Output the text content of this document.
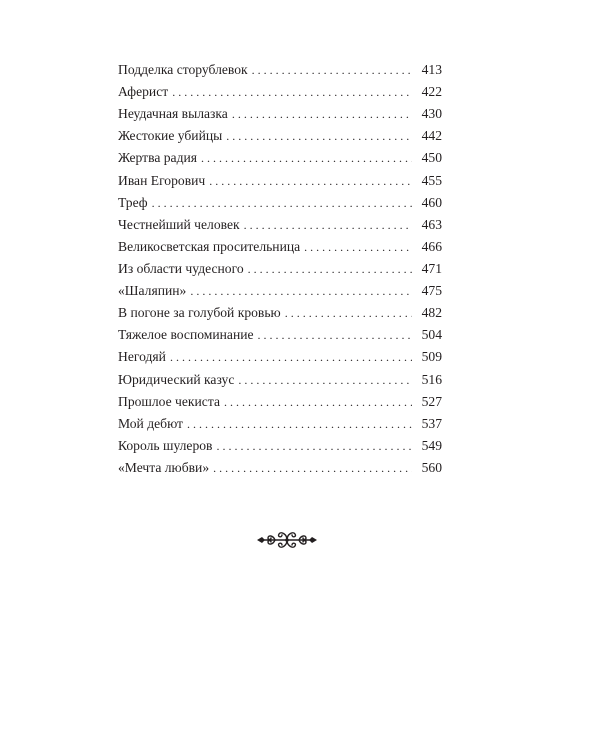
Подделка сторублевок . . .	413
Аферист . . .	422
Неудачная вылазка . . .	430
Жестокие убийцы . . .	442
Жертва радия . . .	450
Иван Егорович . . .	455
Треф . . .	460
Честнейший человек . . .	463
Великосветская просительница . . .	466
Из области чудесного . . .	471
«Шаляпин» . . .	475
В погоне за голубой кровью . . .	482
Тяжелое воспоминание . . .	504
Негодяй . . .	509
Юридический казус . . .	516
Прошлое чекиста . . .	527
Мой дебют . . .	537
Король шулеров . . .	549
«Мечта любви» . . .	560
